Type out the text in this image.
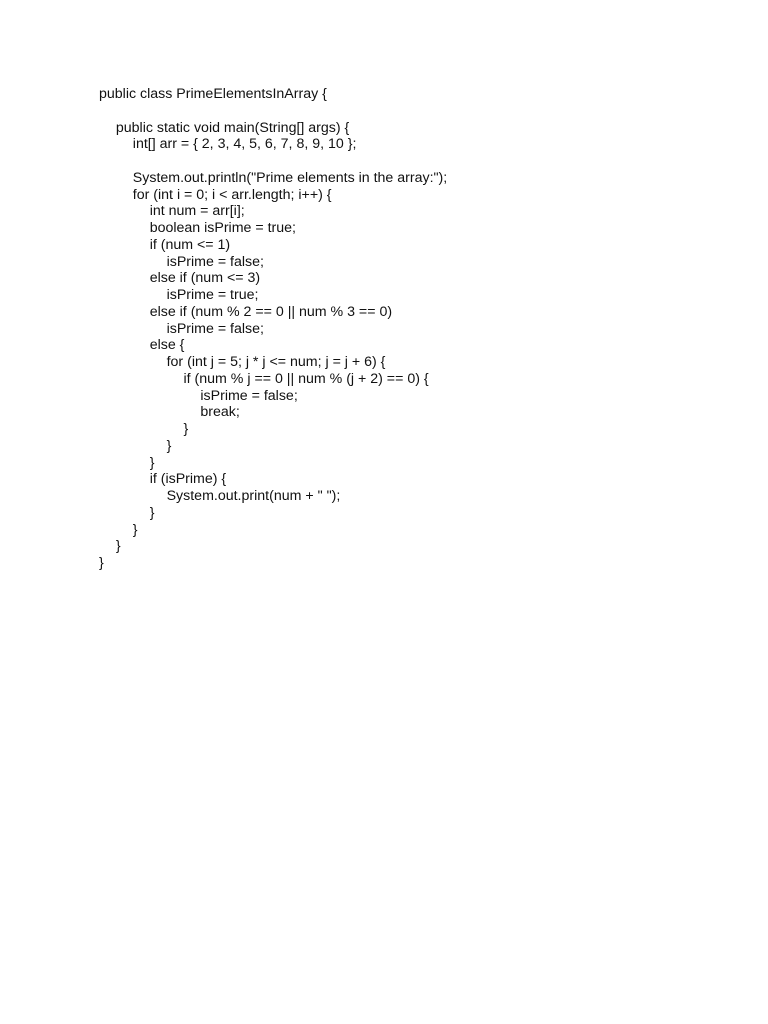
public class PrimeElementsInArray {
public static void main(String[] args) {
int[] arr = { 2, 3, 4, 5, 6, 7, 8, 9, 10 };
System.out.println("Prime elements in the array:");
for (int i = 0; i < arr.length; i++) {
int num = arr[i];
boolean isPrime = true;
if (num <= 1)
isPrime = false;
else if (num <= 3)
isPrime = true;
else if (num % 2 == 0 || num % 3 == 0)
isPrime = false;
else {
for (int j = 5; j * j <= num; j = j + 6) {
if (num % j == 0 || num % (j + 2) == 0) {
isPrime = false;
break;
}
}
}
if (isPrime) {
System.out.print(num + " ");
}
}
}
}
